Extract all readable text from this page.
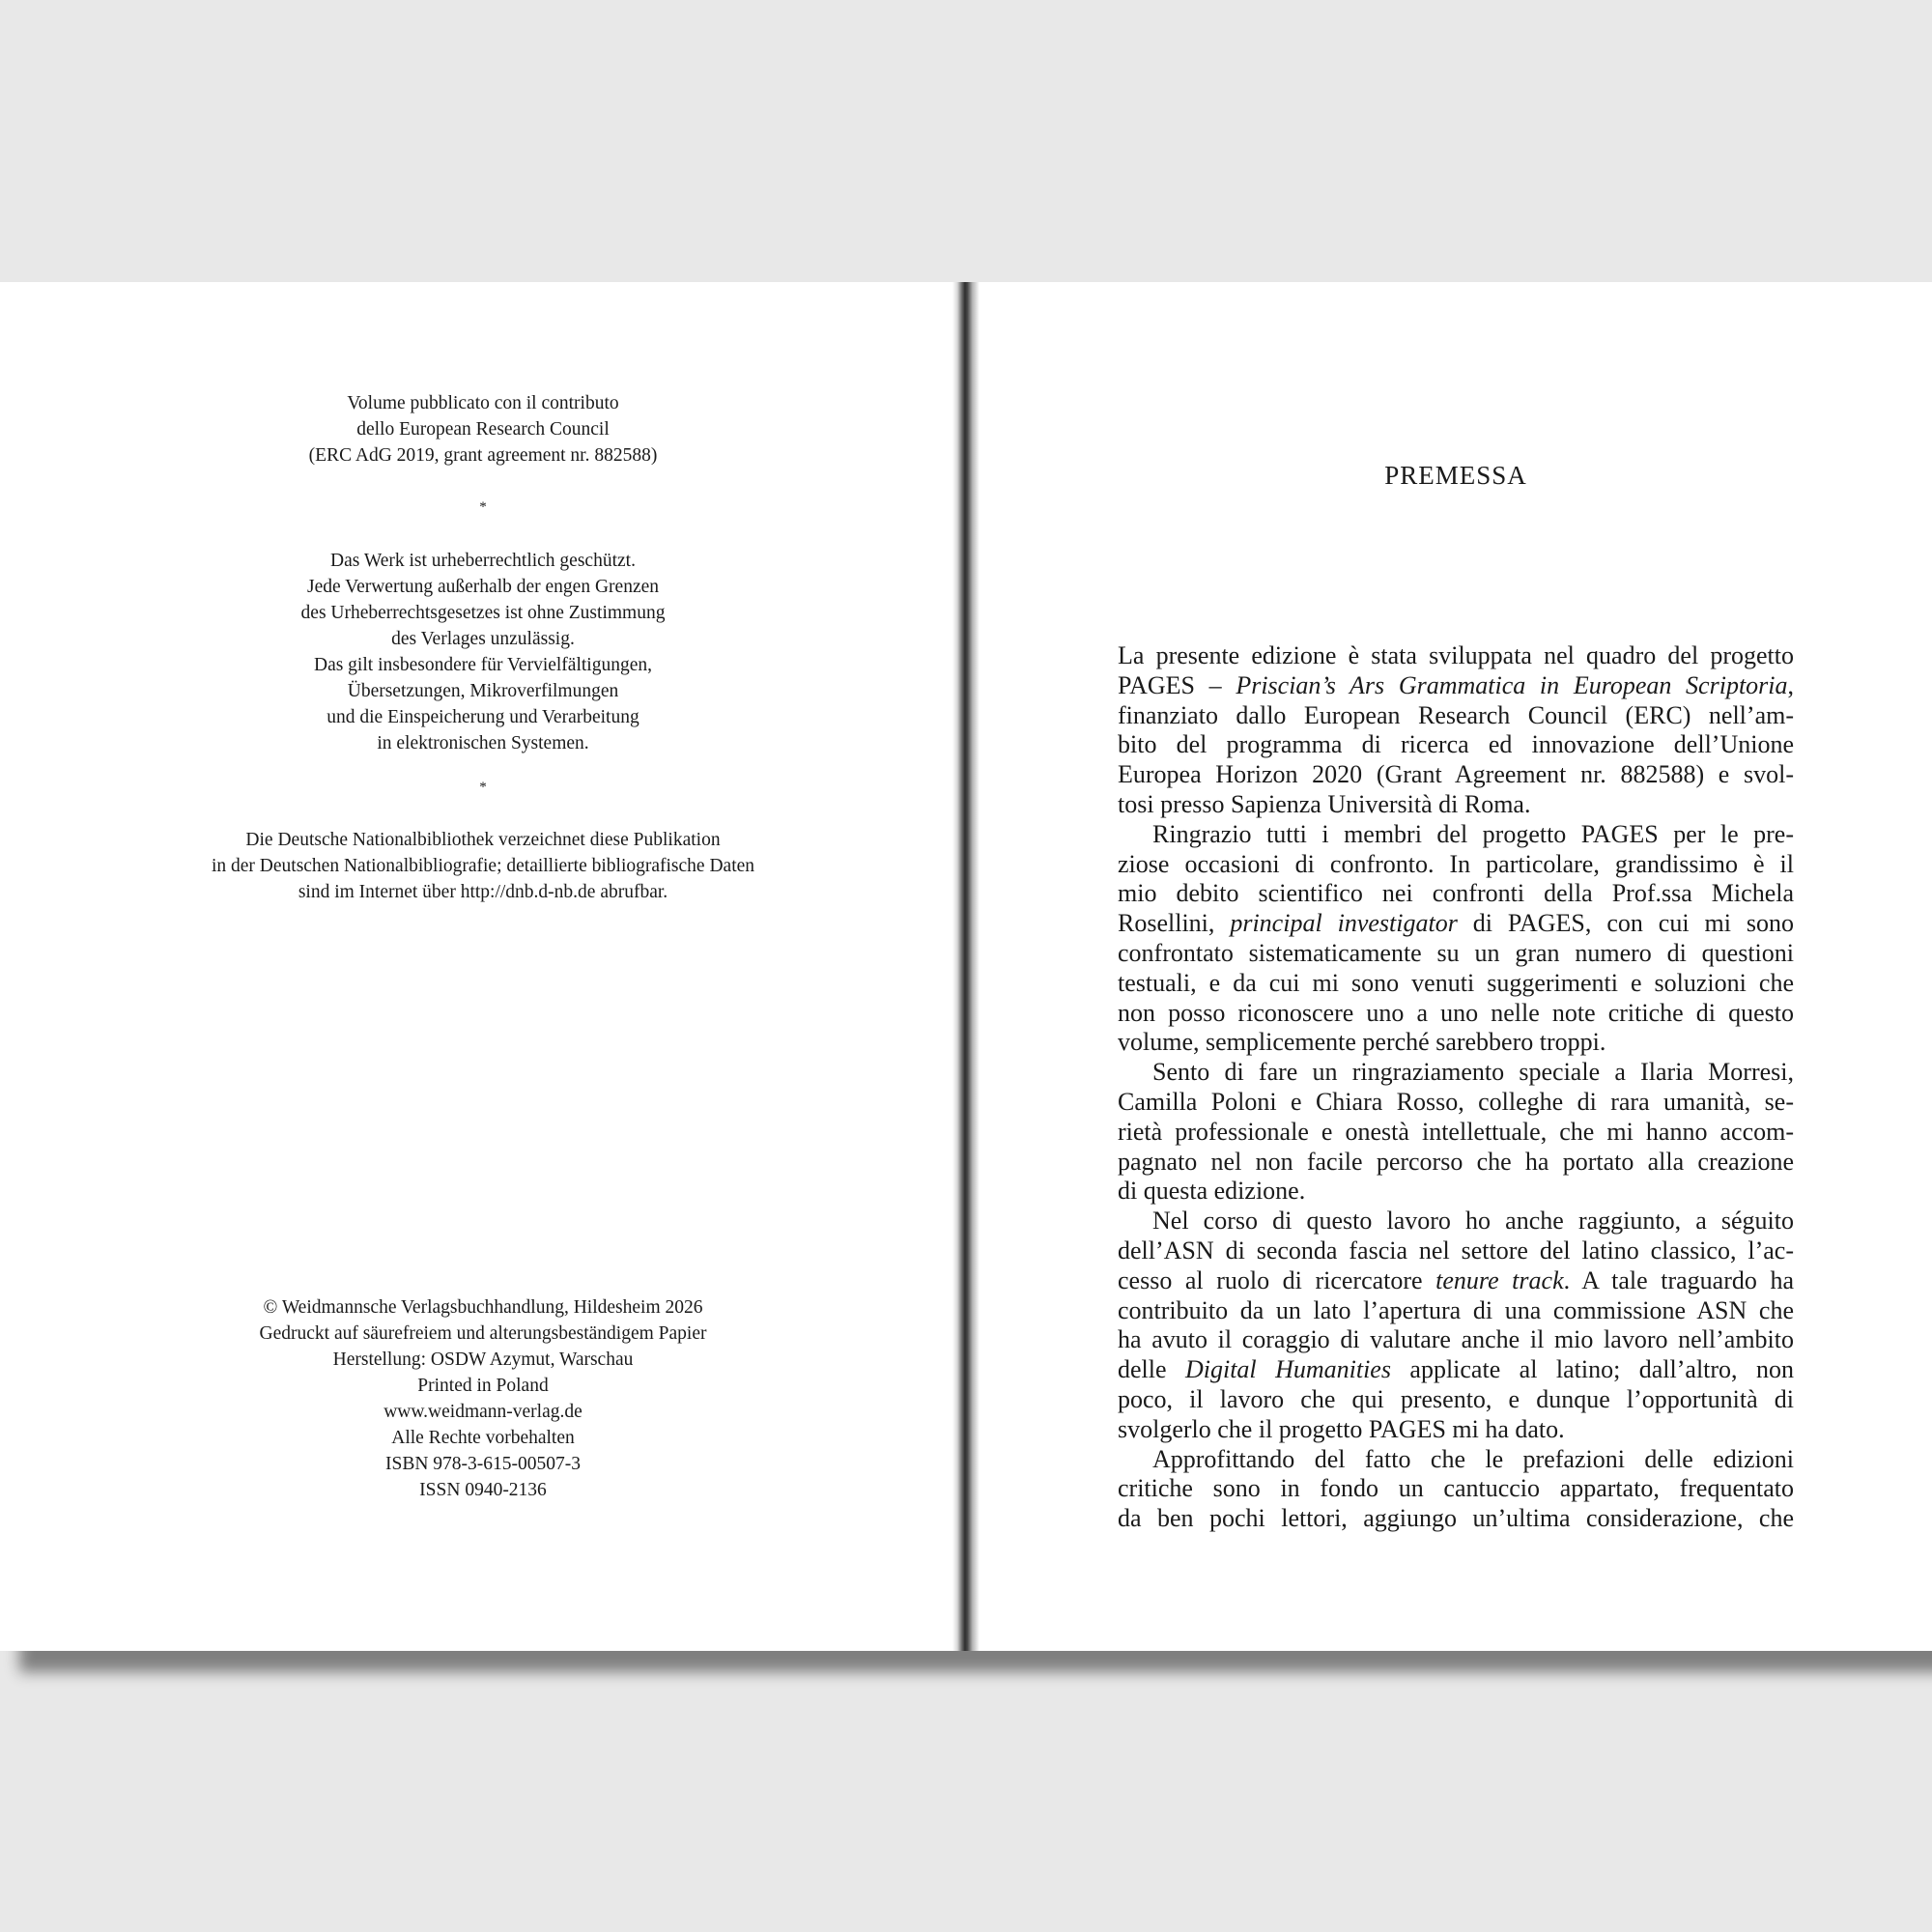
Volume pubblicato con il contributo
dello European Research Council
(ERC AdG 2019, grant agreement nr. 882588)
*
Das Werk ist urheberrechtlich geschützt.
Jede Verwertung außerhalb der engen Grenzen
des Urheberrechtsgesetzes ist ohne Zustimmung
des Verlages unzulässig.
Das gilt insbesondere für Vervielfältigungen,
Übersetzungen, Mikroverfilmungen
und die Einspeicherung und Verarbeitung
in elektronischen Systemen.
*
Die Deutsche Nationalbibliothek verzeichnet diese Publikation
in der Deutschen Nationalbibliografie; detaillierte bibliografische Daten
sind im Internet über http://dnb.d-nb.de abrufbar.
© Weidmannsche Verlagsbuchhandlung, Hildesheim 2026
Gedruckt auf säurefreiem und alterungsbeständigem Papier
Herstellung: OSDW Azymut, Warschau
Printed in Poland
www.weidmann-verlag.de
Alle Rechte vorbehalten
ISBN 978-3-615-00507-3
ISSN 0940-2136
PREMESSA
La presente edizione è stata sviluppata nel quadro del progetto
PAGES – Priscian’s Ars Grammatica in European Scriptoria,
finanziato dallo European Research Council (ERC) nell’am-
bito del programma di ricerca ed innovazione dell’Unione
Europea Horizon 2020 (Grant Agreement nr. 882588) e svol-
tosi presso Sapienza Università di Roma.
Ringrazio tutti i membri del progetto PAGES per le pre-
ziose occasioni di confronto. In particolare, grandissimo è il
mio debito scientifico nei confronti della Prof.ssa Michela
Rosellini, principal investigator di PAGES, con cui mi sono
confrontato sistematicamente su un gran numero di questioni
testuali, e da cui mi sono venuti suggerimenti e soluzioni che
non posso riconoscere uno a uno nelle note critiche di questo
volume, semplicemente perché sarebbero troppi.
Sento di fare un ringraziamento speciale a Ilaria Morresi,
Camilla Poloni e Chiara Rosso, colleghe di rara umanità, se-
rietà professionale e onestà intellettuale, che mi hanno accom-
pagnato nel non facile percorso che ha portato alla creazione
di questa edizione.
Nel corso di questo lavoro ho anche raggiunto, a séguito
dell’ASN di seconda fascia nel settore del latino classico, l’ac-
cesso al ruolo di ricercatore tenure track. A tale traguardo ha
contribuito da un lato l’apertura di una commissione ASN che
ha avuto il coraggio di valutare anche il mio lavoro nell’ambito
delle Digital Humanities applicate al latino; dall’altro, non
poco, il lavoro che qui presento, e dunque l’opportunità di
svolgerlo che il progetto PAGES mi ha dato.
Approfittando del fatto che le prefazioni delle edizioni
critiche sono in fondo un cantuccio appartato, frequentato
da ben pochi lettori, aggiungo un’ultima considerazione, che
